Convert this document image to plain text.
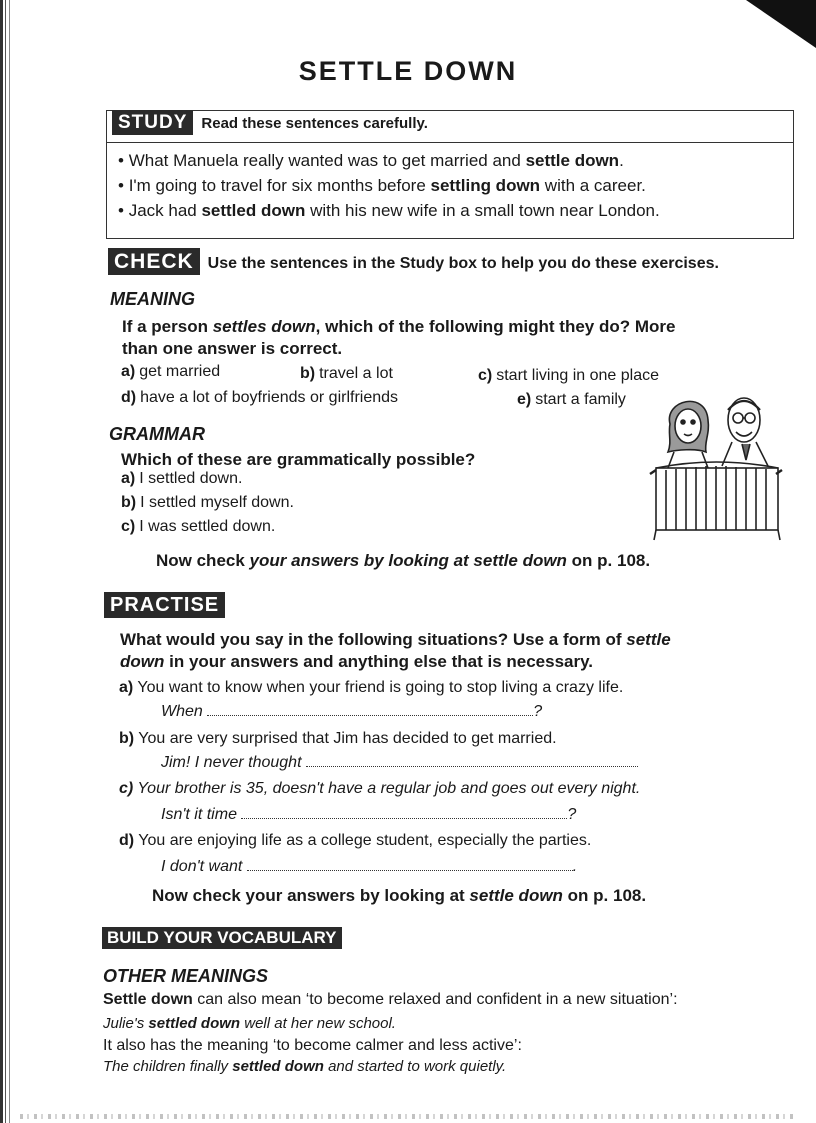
SETTLE DOWN
STUDY Read these sentences carefully.
• What Manuela really wanted was to get married and settle down.
• I'm going to travel for six months before settling down with a career.
• Jack had settled down with his new wife in a small town near London.
CHECK Use the sentences in the Study box to help you do these exercises.
MEANING
If a person settles down, which of the following might they do? More
than one answer is correct.
a) get married	b) travel a lot	c) start living in one place
d) have a lot of boyfriends or girlfriends	e) start a family
GRAMMAR
Which of these are grammatically possible?
a) I settled down.
b) I settled myself down.
c) I was settled down.
Now check your answers by looking at settle down on p. 108.
PRACTISE
What would you say in the following situations? Use a form of settle
down in your answers and anything else that is necessary.
a) You want to know when your friend is going to stop living a crazy life.
When	?
b) You are very surprised that Jim has decided to get married.
Jim! I never thought
c) Your brother is 35, doesn't have a regular job and goes out every night.
Isn't it time	?
d) You are enjoying life as a college student, especially the parties.
I don't want	.
Now check your answers by looking at settle down on p. 108.
BUILD YOUR VOCABULARY
OTHER MEANINGS
Settle down can also mean ‘to become relaxed and confident in a new situation’:
Julie's settled down well at her new school.
It also has the meaning ‘to become calmer and less active’:
The children finally settled down and started to work quietly.
